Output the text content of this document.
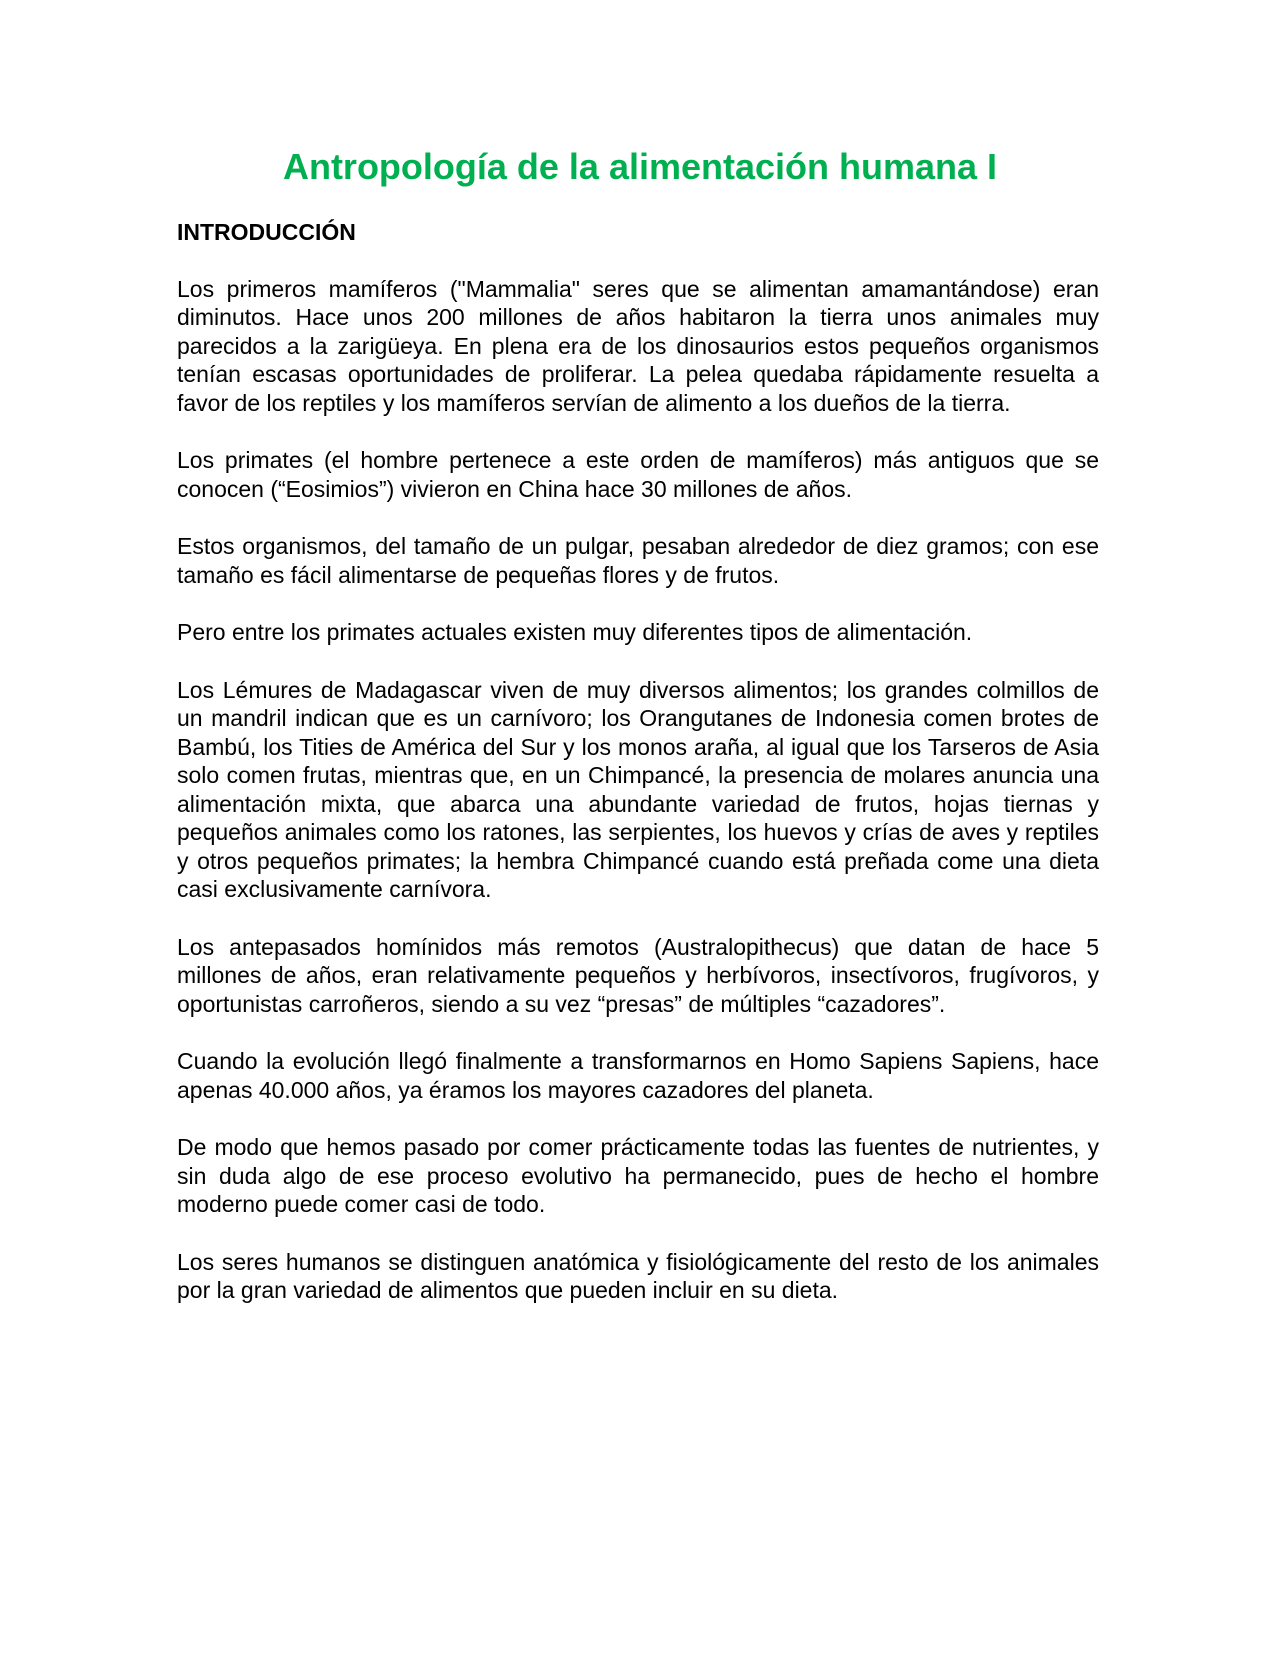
Antropología de la alimentación humana I

INTRODUCCIÓN

Los primeros mamíferos ("Mammalia" seres que se alimentan amamantándose) eran diminutos. Hace unos 200 millones de años habitaron la tierra unos animales muy parecidos a la zarigüeya. En plena era de los dinosaurios estos pequeños organismos tenían escasas oportunidades de proliferar. La pelea quedaba rápidamente resuelta a favor de los reptiles y los mamíferos servían de alimento a los dueños de la tierra.

Los primates (el hombre pertenece a este orden de mamíferos) más antiguos que se conocen (“Eosimios”) vivieron en China hace 30 millones de años.

Estos organismos, del tamaño de un pulgar, pesaban alrededor de diez gramos; con ese tamaño es fácil alimentarse de pequeñas flores y de frutos.

Pero entre los primates actuales existen muy diferentes tipos de alimentación.

Los Lémures de Madagascar viven de muy diversos alimentos; los grandes colmillos de un mandril indican que es un carnívoro; los Orangutanes de Indonesia comen brotes de Bambú, los Tities de América del Sur y los monos araña, al igual que los Tarseros de Asia solo comen frutas, mientras que, en un Chimpancé, la presencia de molares anuncia una alimentación mixta, que abarca una abundante variedad de frutos, hojas tiernas y pequeños animales como los ratones, las serpientes, los huevos y crías de aves y reptiles y otros pequeños primates; la hembra Chimpancé cuando está preñada come una dieta casi exclusivamente carnívora.

Los antepasados homínidos más remotos (Australopithecus) que datan de hace 5 millones de años, eran relativamente pequeños y herbívoros, insectívoros, frugívoros, y oportunistas carroñeros, siendo a su vez “presas” de múltiples “cazadores”.

Cuando la evolución llegó finalmente a transformarnos en Homo Sapiens Sapiens, hace apenas 40.000 años, ya éramos los mayores cazadores del planeta.

De modo que hemos pasado por comer prácticamente todas las fuentes de nutrientes, y sin duda algo de ese proceso evolutivo ha permanecido, pues de hecho el hombre moderno puede comer casi de todo.

Los seres humanos se distinguen anatómica y fisiológicamente del resto de los animales por la gran variedad de alimentos que pueden incluir en su dieta.
